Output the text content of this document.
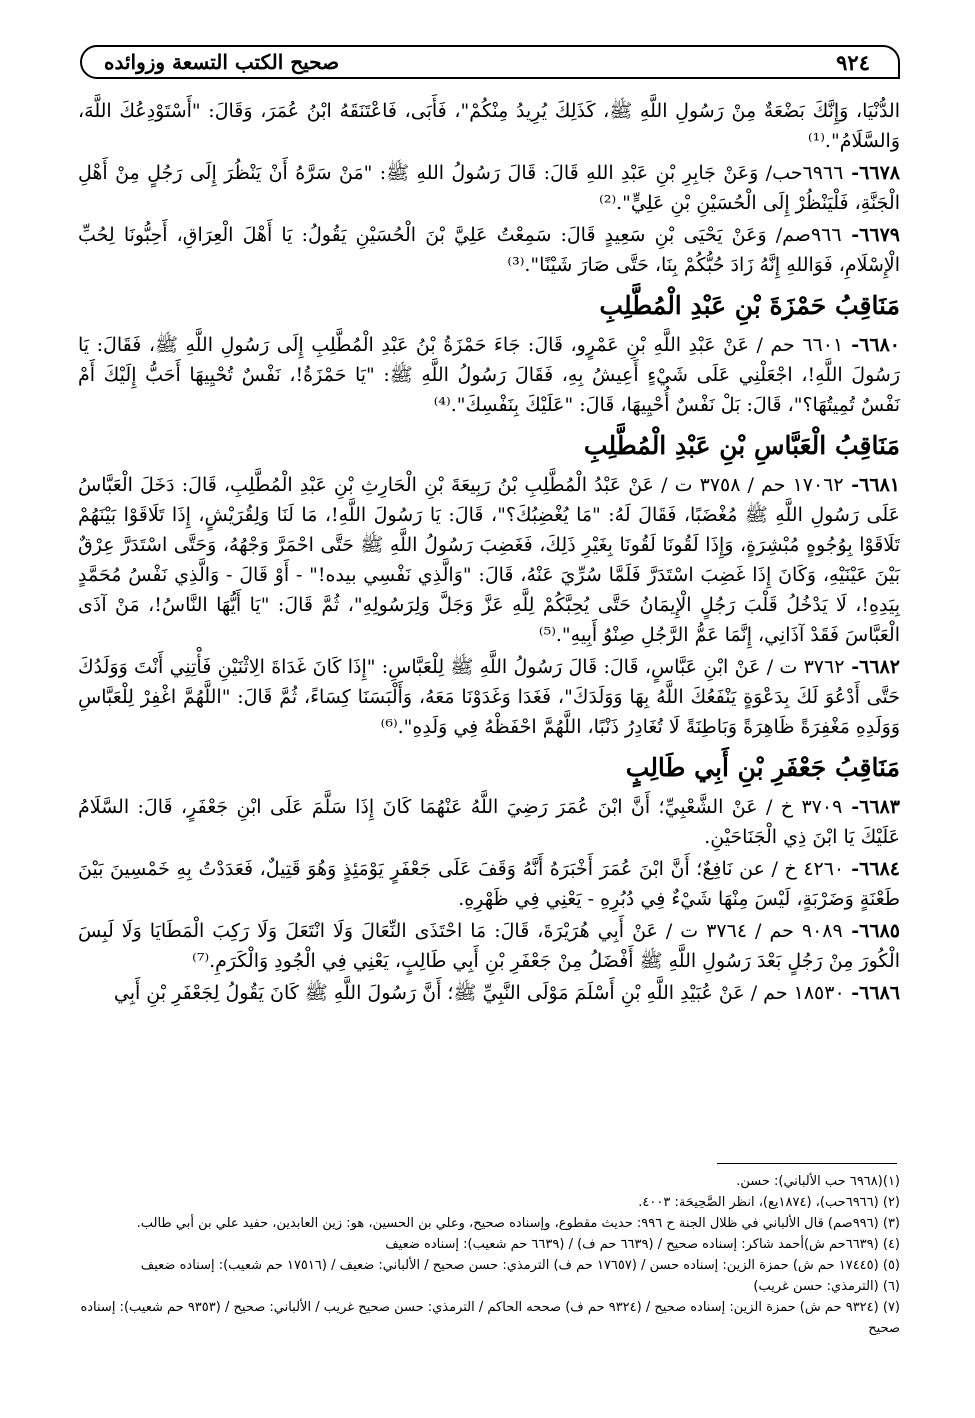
٩٢٤
صحيح الكتب التسعة وزوائده

الدُّنْيَا، وَإِنَّكَ بَضْعَةٌ مِنْ رَسُولِ اللَّهِ ﷺ، كَذَلِكَ يُرِيدُ مِنْكُمْ"، فَأَبَى، فَاعْتَنَقَهُ ابْنُ عُمَرَ، وَقَالَ: "أَسْتَوْدِعُكَ اللَّهَ، وَالسَّلَامُ".⁽¹⁾

٦٦٧٨- ٦٩٦٦حب/ وَعَنْ جَابِرِ بْنِ عَبْدِ اللهِ قَالَ: قَالَ رَسُولُ اللهِ ﷺ: "مَنْ سَرَّهُ أَنْ يَنْظُرَ إِلَى رَجُلٍ مِنْ أَهْلِ الْجَنَّةِ، فَلْيَنْظُرْ إِلَى الْحُسَيْنِ بْنِ عَلِيٍّ".⁽²⁾

٦٦٧٩- ٩٦٦صم/ وَعَنْ يَحْيَى بْنِ سَعِيدٍ قَالَ: سَمِعْتُ عَلِيَّ بْنَ الْحُسَيْنِ يَقُولُ: يَا أَهْلَ الْعِرَاقِ، أَحِبُّونَا لِحُبِّ الْإِسْلَامِ، فَوَاللهِ إِنَّهُ زَادَ حُبُّكُمْ بِنَا، حَتَّى صَارَ شَيْنًا".⁽³⁾

مَنَاقِبُ حَمْزَةَ بْنِ عَبْدِ الْمُطَّلِبِ

٦٦٨٠- ٦٦٠١ حم / عَنْ عَبْدِ اللَّهِ بْنِ عَمْرٍو، قَالَ: جَاءَ حَمْزَةُ بْنُ عَبْدِ الْمُطَّلِبِ إِلَى رَسُولِ اللَّهِ ﷺ، فَقَالَ: يَا رَسُولَ اللَّهِ!، اجْعَلْنِي عَلَى شَيْءٍ أَعِيشُ بِهِ، فَقَالَ رَسُولُ اللَّهِ ﷺ: "يَا حَمْزَةُ!، نَفْسٌ تُحْيِيهَا أَحَبُّ إِلَيْكَ أَمْ نَفْسٌ تُمِيتُهَا؟"، قَالَ: بَلْ نَفْسٌ أُحْيِيهَا، قَالَ: "عَلَيْكَ بِنَفْسِكَ".⁽⁴⁾

مَنَاقِبُ الْعَبَّاسِ بْنِ عَبْدِ الْمُطَّلِبِ

٦٦٨١- ١٧٠٦٢ حم / ٣٧٥٨ ت / عَنْ عَبْدُ الْمُطَّلِبِ بْنُ رَبِيعَةَ بْنِ الْحَارِثِ بْنِ عَبْدِ الْمُطَّلِبِ، قَالَ: دَخَلَ الْعَبَّاسُ عَلَى رَسُولِ اللَّهِ ﷺ مُغْضَبًا، فَقَالَ لَهُ: "مَا يُغْضِبُكَ؟"، قَالَ: يَا رَسُولَ اللَّهِ!، مَا لَنَا وَلِقُرَيْشٍ، إِذَا تَلَاقَوْا بَيْنَهُمْ تَلَاقَوْا بِوُجُوهٍ مُبْشِرَةٍ، وَإِذَا لَقُونَا لَقُونَا بِغَيْرِ ذَلِكَ، فَغَضِبَ رَسُولُ اللَّهِ ﷺ حَتَّى احْمَرَّ وَجْهُهُ، وَحَتَّى اسْتَدَرَّ عِرْقٌ بَيْنَ عَيْنَيْهِ، وَكَانَ إِذَا غَضِبَ اسْتَدَرَّ فَلَمَّا سُرِّيَ عَنْهُ، قَالَ: "وَالَّذِي نَفْسِي بيده!" - أَوْ قَالَ - وَالَّذِي نَفْسُ مُحَمَّدٍ بِيَدِهِ!، لَا يَدْخُلُ قَلْبَ رَجُلٍ الْإِيمَانُ حَتَّى يُحِبَّكُمْ لِلَّهِ عَزَّ وَجَلَّ وَلِرَسُولِهِ"، ثُمَّ قَالَ: "يَا أَيُّهَا النَّاسُ!، مَنْ آذَى الْعَبَّاسَ فَقَدْ آذَانِي، إِنَّمَا عَمُّ الرَّجُلِ صِنْوُ أَبِيهِ".⁽⁵⁾

٦٦٨٢- ٣٧٦٢ ت / عَنْ ابْنِ عَبَّاسٍ، قَالَ: قَالَ رَسُولُ اللَّهِ ﷺ لِلْعَبَّاسِ: "إِذَا كَانَ غَدَاةَ الِاثْنَيْنِ فَأْتِنِي أَنْتَ وَوَلَدُكَ حَتَّى أَدْعُوَ لَكَ بِدَعْوَةٍ يَنْفَعُكَ اللَّهُ بِهَا وَوَلَدَكَ"، فَغَدَا وَغَدَوْنَا مَعَهُ، وَأَلْبَسَنَا كِسَاءً، ثُمَّ قَالَ: "اللَّهُمَّ اغْفِرْ لِلْعَبَّاسِ وَوَلَدِهِ مَغْفِرَةً ظَاهِرَةً وَبَاطِنَةً لَا تُغَادِرُ ذَنْبًا، اللَّهُمَّ احْفَظْهُ فِي وَلَدِهِ".⁽⁶⁾

مَنَاقِبُ جَعْفَرِ بْنِ أَبِي طَالِبٍ

٦٦٨٣- ٣٧٠٩ خ / عَنْ الشَّعْبِيِّ؛ أَنَّ ابْنَ عُمَرَ رَضِيَ اللَّهُ عَنْهُمَا كَانَ إِذَا سَلَّمَ عَلَى ابْنِ جَعْفَرٍ، قَالَ: السَّلَامُ عَلَيْكَ يَا ابْنَ ذِي الْجَنَاحَيْنِ.

٦٦٨٤- ٤٢٦٠ خ / عن نَافِعٌ؛ أَنَّ ابْنَ عُمَرَ أَخْبَرَهُ أَنَّهُ وَقَفَ عَلَى جَعْفَرٍ يَوْمَئِذٍ وَهُوَ قَتِيلٌ، فَعَدَدْتُ بِهِ خَمْسِينَ بَيْنَ طَعْنَةٍ وَضَرْبَةٍ، لَيْسَ مِنْهَا شَيْءٌ فِي دُبُرِهِ - يَعْنِي فِي ظَهْرِهِ.

٦٦٨٥- ٩٠٨٩ حم / ٣٧٦٤ ت / عَنْ أَبِي هُرَيْرَةَ، قَالَ: مَا احْتَذَى النِّعَالَ وَلَا انْتَعَلَ وَلَا رَكِبَ الْمَطَايَا وَلَا لَبِسَ الْكُورَ مِنْ رَجُلٍ بَعْدَ رَسُولِ اللَّهِ ﷺ أَفْضَلُ مِنْ جَعْفَرِ بْنِ أَبِي طَالِبٍ، يَعْنِي فِي الْجُودِ وَالْكَرَمِ.⁽⁷⁾

٦٦٨٦- ١٨٥٣٠ حم / عَنْ عُبَيْدِ اللَّهِ بْنِ أَسْلَمَ مَوْلَى النَّبِيِّ ﷺ؛ أَنَّ رَسُولَ اللَّهِ ﷺ كَانَ يَقُولُ لِجَعْفَرِ بْنِ أَبِي

(١)(٦٩٦٨ حب الألباني): حسن.

(٢) (٦٩٦٦حب)، (١٨٧٤يع)، انظر الصَّحِيحَة: ٤٠٠٣.

(٣) (٩٩٦صم) قال الألباني في ظلال الجنة ح ٩٩٦: حديث مقطوع، وإسناده صحيح، وعلي بن الحسين، هو: زين العابدين، حفيد علي بن أبي طالب.

(٤) (٦٦٣٩حم ش)أحمد شاكر: إسناده صحيح / (٦٦٣٩ حم ف) / (٦٦٣٩ حم شعيب): إسناده ضعيف

(٥) (١٧٤٤٥ حم ش) حمزة الزين: إسناده حسن / (١٧٦٥٧ حم ف) الترمذي: حسن صحيح / الألباني: ضعيف / (١٧٥١٦ حم شعيب): إسناده ضعيف

(٦) (الترمذي: حسن غريب)

(٧) (٩٣٢٤ حم ش) حمزة الزين: إسناده صحيح / (٩٣٢٤ حم ف) صححه الحاكم / الترمذي: حسن صحيح غريب / الألباني: صحيح / (٩٣٥٣ حم شعيب): إسناده صحيح
